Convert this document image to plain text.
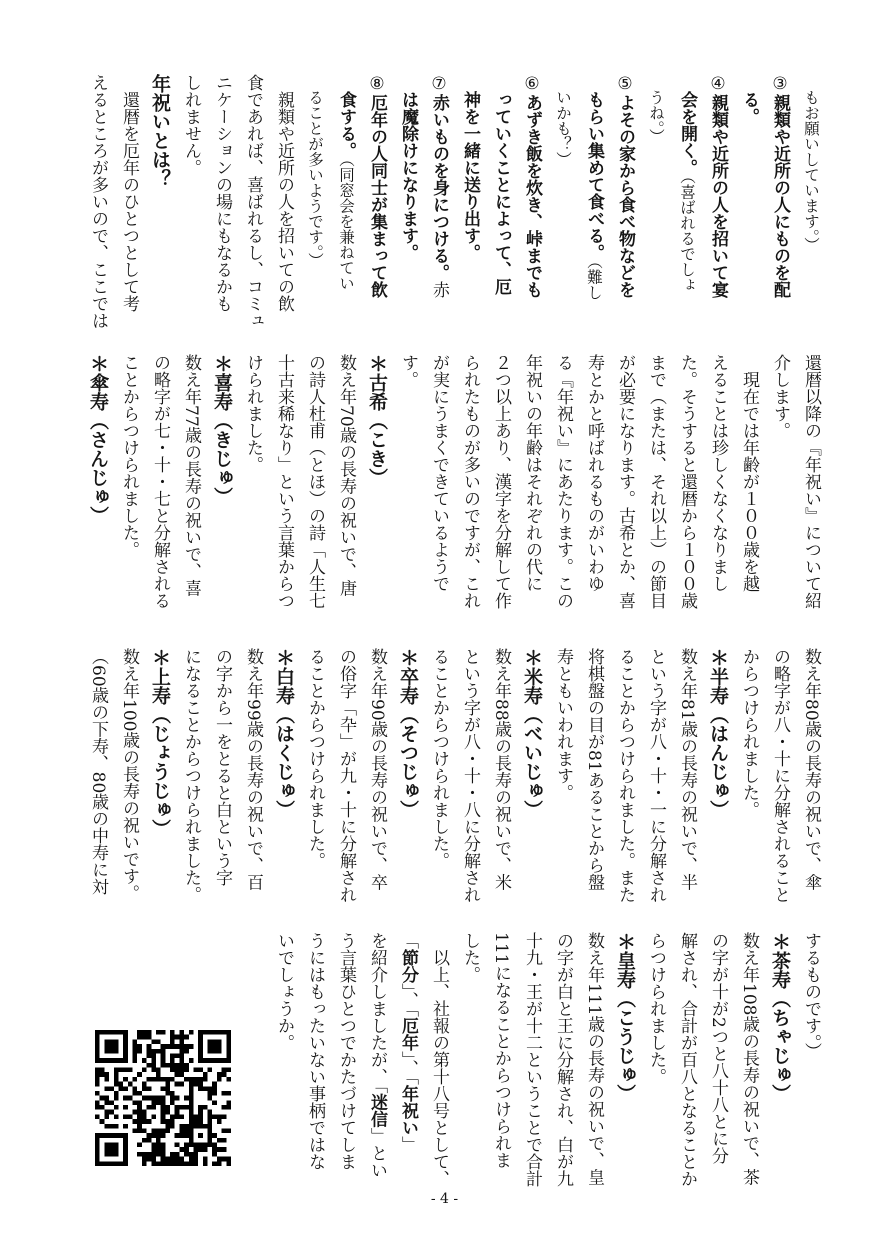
　もお願いしています。）
③親類や近所の人にものを配
　る。
④親類や近所の人を招いて宴
　会を開く。（喜ばれるでしょ
　うね。）
⑤よその家から食べ物などを
　もらい集めて食べる。（難し
　いかも？）
⑥あずき飯を炊き、峠までも
　っていくことによって、厄
　神を一緒に送り出す。
⑦赤いものを身につける。赤
　は魔除けになります。
⑧厄年の人同士が集まって飲
　食する。（同窓会を兼ねてい
　ることが多いようです。）
　親類や近所の人を招いての飲
食であれば、喜ばれるし、コミュ
ニケーションの場にもなるかも
しれません。
年祝いとは？
　還暦を厄年のひとつとして考
えるところが多いので、ここでは
還暦以降の『年祝い』について紹
介します。
　現在では年齢が１００歳を越
えることは珍しくなくなりまし
た。そうすると還暦から１００歳
まで（または、それ以上）の節目
が必要になります。古希とか、喜
寿とかと呼ばれるものがいわゆ
る『年祝い』にあたります。この
年祝いの年齢はそれぞれの代に
２つ以上あり、漢字を分解して作
られたものが多いのですが、これ
が実にうまくできているようで
す。
＊古希（こき）
数え年70歳の長寿の祝いで、唐
の詩人杜甫（とほ）の詩「人生七
十古来稀なり」という言葉からつ
けられました。
＊喜寿（きじゅ）
数え年77歳の長寿の祝いで、喜
の略字が七・十・七と分解される
ことからつけられました。
＊傘寿（さんじゅ）
数え年80歳の長寿の祝いで、傘
の略字が八・十に分解されること
からつけられました。
＊半寿（はんじゅ）
数え年81歳の長寿の祝いで、半
という字が八・十・一に分解され
ることからつけられました。また
将棋盤の目が81あることから盤
寿ともいわれます。
＊米寿（べいじゅ）
数え年88歳の長寿の祝いで、米
という字が八・十・八に分解され
ることからつけられました。
＊卒寿（そつじゅ）
数え年90歳の長寿の祝いで、卒
の俗字「卆」が九・十に分解され
ることからつけられました。
＊白寿（はくじゅ）
数え年99歳の長寿の祝いで、百
の字から一をとると白という字
になることからつけられました。
＊上寿（じょうじゅ）
数え年100歳の長寿の祝いです。
（60歳の下寿、80歳の中寿に対
するものです。）
＊茶寿（ちゃじゅ）
数え年108歳の長寿の祝いで、茶
の字が十が2つと八十八とに分
解され、合計が百八となることか
らつけられました。
＊皇寿（こうじゅ）
数え年111歳の長寿の祝いで、皇
の字が白と王に分解され、白が九
十九・王が十二ということで合計
111になることからつけられま
した。
　以上、社報の第十八号として、
「節分」、「厄年」、「年祝い」
を紹介しましたが、「迷信」とい
う言葉ひとつでかたづけてしま
うにはもったいない事柄ではな
いでしょうか。
- 4 -
